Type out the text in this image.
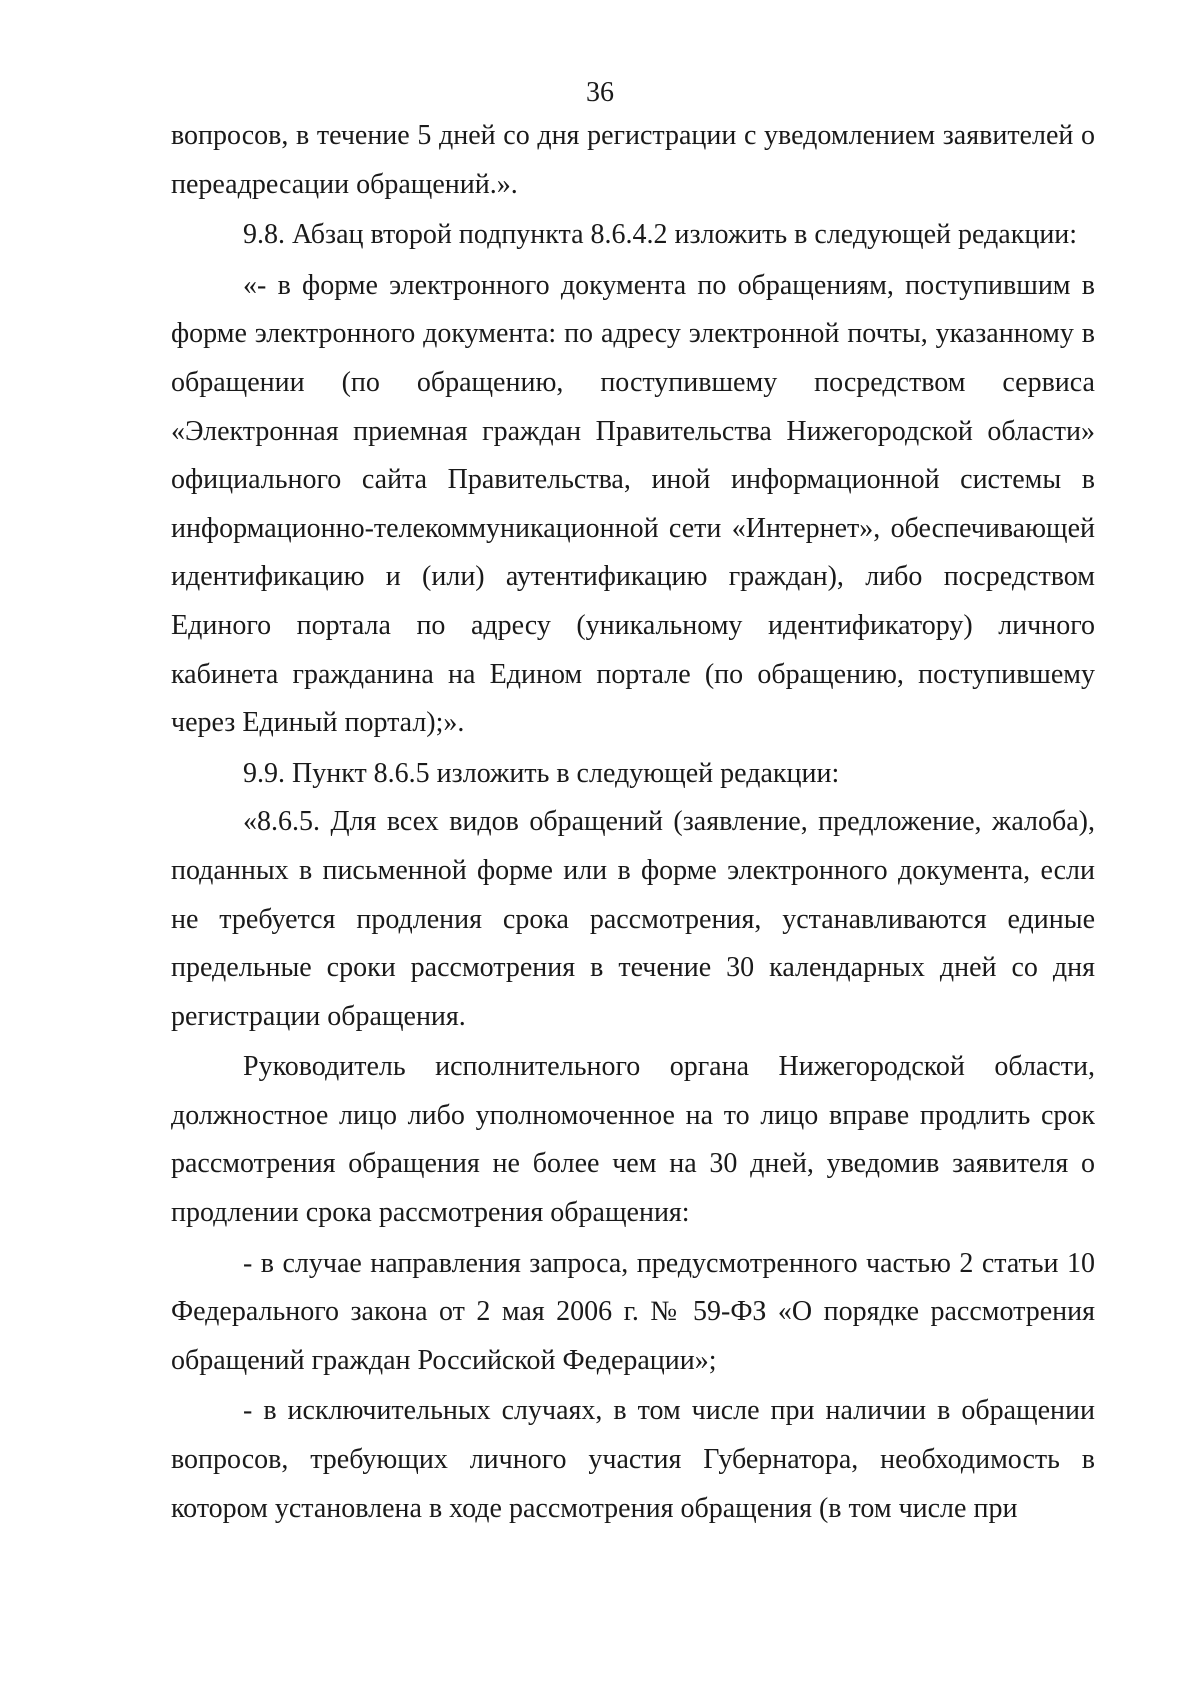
36

вопросов, в течение 5 дней со дня регистрации с уведомлением заявителей о переадресации обращений.».

9.8. Абзац второй подпункта 8.6.4.2 изложить в следующей редакции:

«- в форме электронного документа по обращениям, поступившим в форме электронного документа: по адресу электронной почты, указанному в обращении (по обращению, поступившему посредством сервиса «Электронная приемная граждан Правительства Нижегородской области» официального сайта Правительства, иной информационной системы в информационно-телекоммуникационной сети «Интернет», обеспечивающей идентификацию и (или) аутентификацию граждан), либо посредством Единого портала по адресу (уникальному идентификатору) личного кабинета гражданина на Едином портале (по обращению, поступившему через Единый портал);».

9.9. Пункт 8.6.5 изложить в следующей редакции:

«8.6.5. Для всех видов обращений (заявление, предложение, жалоба), поданных в письменной форме или в форме электронного документа, если не требуется продления срока рассмотрения, устанавливаются единые предельные сроки рассмотрения в течение 30 календарных дней со дня регистрации обращения.

Руководитель исполнительного органа Нижегородской области, должностное лицо либо уполномоченное на то лицо вправе продлить срок рассмотрения обращения не более чем на 30 дней, уведомив заявителя о продлении срока рассмотрения обращения:

- в случае направления запроса, предусмотренного частью 2 статьи 10 Федерального закона от 2 мая 2006 г. № 59-ФЗ «О порядке рассмотрения обращений граждан Российской Федерации»;

- в исключительных случаях, в том числе при наличии в обращении вопросов, требующих личного участия Губернатора, необходимость в котором установлена в ходе рассмотрения обращения (в том числе при
